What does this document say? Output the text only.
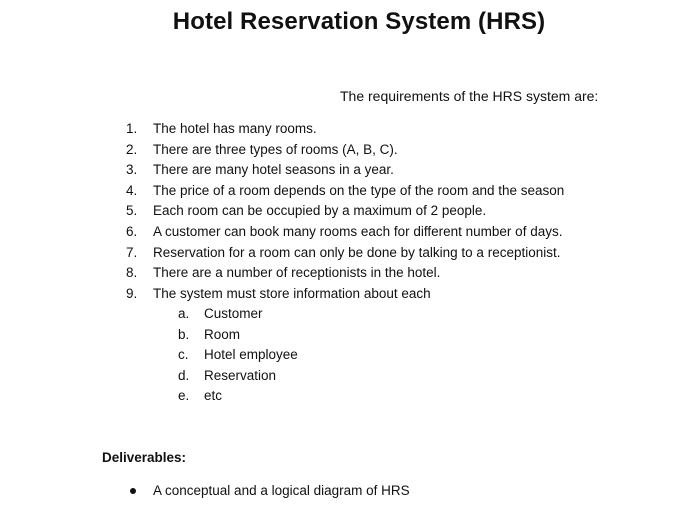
Hotel Reservation System (HRS)
The requirements of the HRS system are:
1.	The hotel has many rooms.
2.	There are three types of rooms (A, B, C).
3.	There are many hotel seasons in a year.
4.	The price of a room depends on the type of the room and the season
5.	Each room can be occupied by a maximum of 2 people.
6.	A customer can book many rooms each for different number of days.
7.	Reservation for a room can only be done by talking to a receptionist.
8.	There are a number of receptionists in the hotel.
9.	The system must store information about each
a.	Customer
b.	Room
c.	Hotel employee
d.	Reservation
e.	etc
Deliverables:
A conceptual and a logical diagram of HRS
